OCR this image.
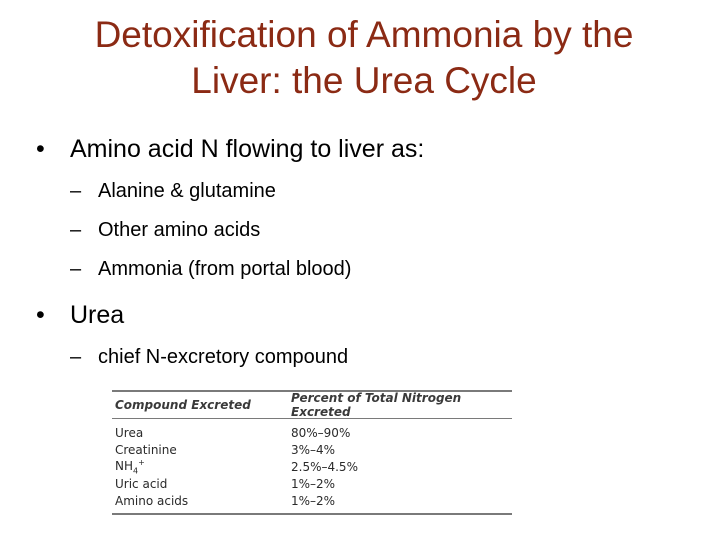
Detoxification of Ammonia by the
Liver: the Urea Cycle
• Amino acid N flowing to liver as:
– Alanine & glutamine
– Other amino acids
– Ammonia (from portal blood)
• Urea
– chief N-excretory compound
Compound Excreted	Percent of Total Nitrogen Excreted
Urea	80%–90%
Creatinine	3%–4%
$NH_4^+$	2.5%–4.5%
Uric acid	1%–2%
Amino acids	1%–2%
